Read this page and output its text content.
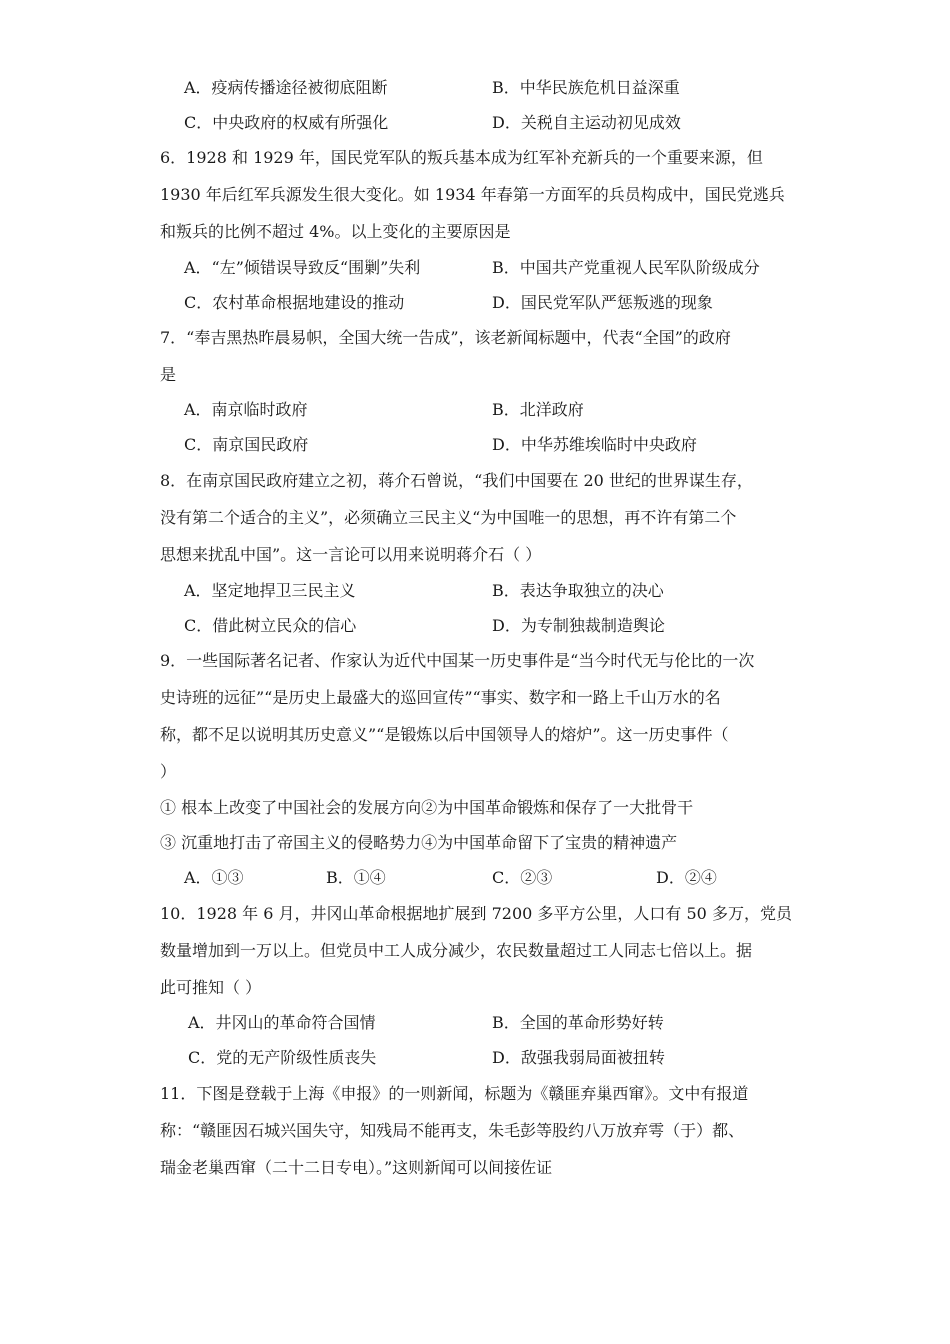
A．疫病传播途径被彻底阻断	B．中华民族危机日益深重
C．中央政府的权威有所强化	D．关税自主运动初见成效
6．1928 和 1929 年，国民党军队的叛兵基本成为红军补充新兵的一个重要来源，但
1930 年后红军兵源发生很大变化。如 1934 年春第一方面军的兵员构成中，国民党逃兵
和叛兵的比例不超过 4%。以上变化的主要原因是
A．“左”倾错误导致反“围剿”失利	B．中国共产党重视人民军队阶级成分
C．农村革命根据地建设的推动	D．国民党军队严惩叛逃的现象
7．“奉吉黑热昨晨易帜，全国大统一告成”，该老新闻标题中，代表“全国”的政府
是
A．南京临时政府	B．北洋政府
C．南京国民政府	D．中华苏维埃临时中央政府
8．在南京国民政府建立之初，蒋介石曾说，“我们中国要在 20 世纪的世界谋生存，
没有第二个适合的主义”，必须确立三民主义“为中国唯一的思想，再不许有第二个
思想来扰乱中国”。这一言论可以用来说明蒋介石（ ）
A．坚定地捍卫三民主义	B．表达争取独立的决心
C．借此树立民众的信心	D．为专制独裁制造舆论
9．一些国际著名记者、作家认为近代中国某一历史事件是“当今时代无与伦比的一次
史诗班的远征”“是历史上最盛大的巡回宣传”“事实、数字和一路上千山万水的名
称，都不足以说明其历史意义”“是锻炼以后中国领导人的熔炉”。这一历史事件（
）
① 根本上改变了中国社会的发展方向②为中国革命锻炼和保存了一大批骨干
③ 沉重地打击了帝国主义的侵略势力④为中国革命留下了宝贵的精神遗产
A．①③	B．①④	C．②③	D．②④
10．1928 年 6 月，井冈山革命根据地扩展到 7200 多平方公里，人口有 50 多万，党员
数量增加到一万以上。但党员中工人成分减少，农民数量超过工人同志七倍以上。据
此可推知（ ）
A．井冈山的革命符合国情	B．全国的革命形势好转
C．党的无产阶级性质丧失	D．敌强我弱局面被扭转
11．下图是登载于上海《申报》的一则新闻，标题为《赣匪弃巢西窜》。文中有报道
称：“赣匪因石城兴国失守，知残局不能再支，朱毛彭等股约八万放弃雩（于）都、
瑞金老巢西窜（二十二日专电）。”这则新闻可以间接佐证
